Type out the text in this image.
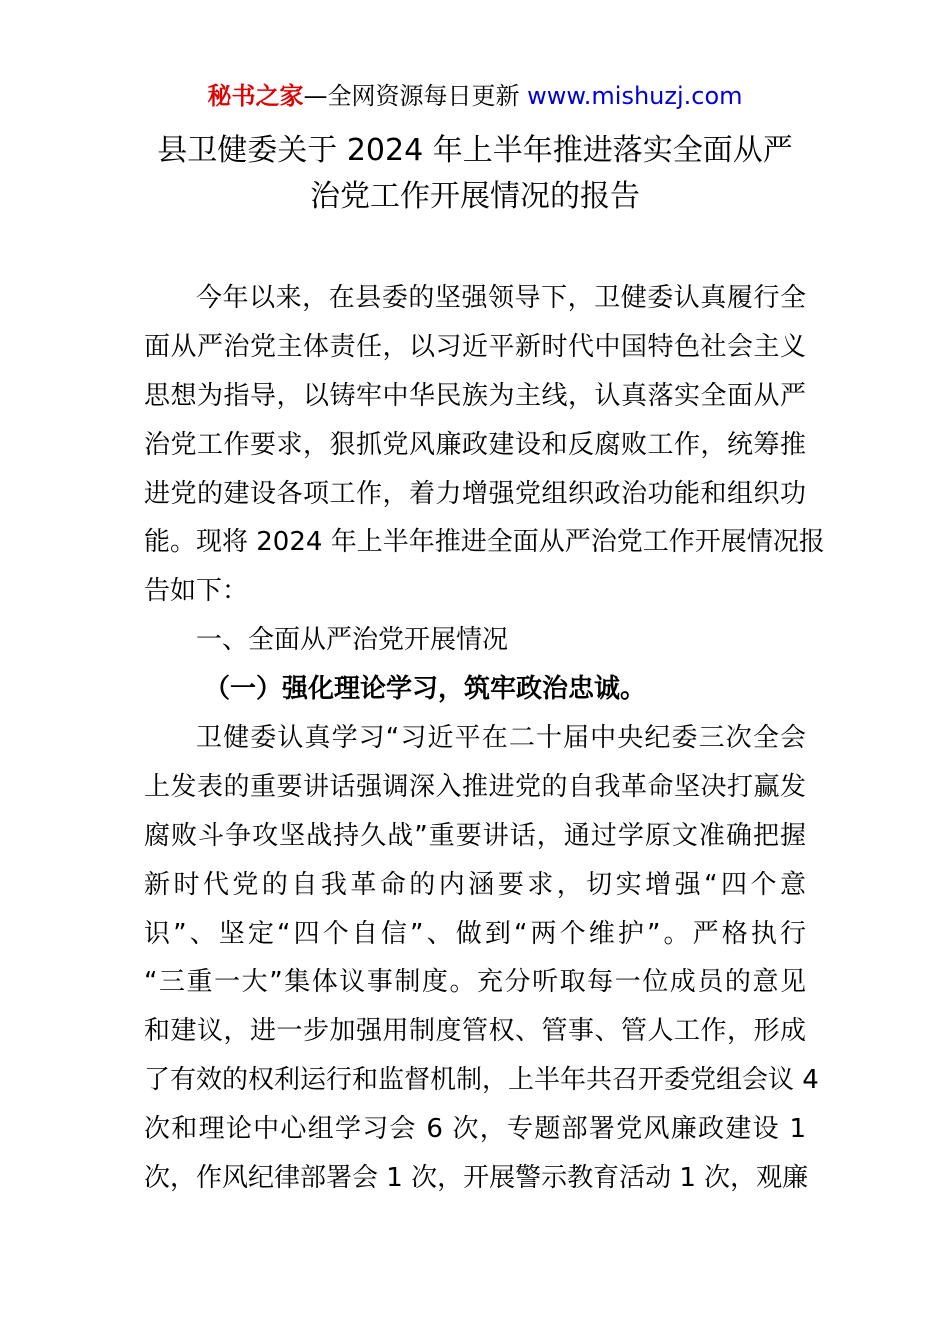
秘书之家—全网资源每日更新 www.mishuzj.com
县卫健委关于 2024 年上半年推进落实全面从严
治党工作开展情况的报告
今年以来，在县委的坚强领导下，卫健委认真履行全
面从严治党主体责任，以习近平新时代中国特色社会主义
思想为指导，以铸牢中华民族为主线，认真落实全面从严
治党工作要求，狠抓党风廉政建设和反腐败工作，统筹推
进党的建设各项工作，着力增强党组织政治功能和组织功
能。现将 2024 年上半年推进全面从严治党工作开展情况报
告如下：
一、全面从严治党开展情况
（一）强化理论学习，筑牢政治忠诚。
卫健委认真学习“习近平在二十届中央纪委三次全会
上发表的重要讲话强调深入推进党的自我革命坚决打赢发
腐败斗争攻坚战持久战”重要讲话，通过学原文准确把握
新时代党的自我革命的内涵要求，切实增强“四个意
识”、坚定“四个自信”、做到“两个维护”。严格执行
“三重一大”集体议事制度。充分听取每一位成员的意见
和建议，进一步加强用制度管权、管事、管人工作，形成
了有效的权利运行和监督机制，上半年共召开委党组会议 4
次和理论中心组学习会 6 次，专题部署党风廉政建设 1
次，作风纪律部署会 1 次，开展警示教育活动 1 次，观廉
